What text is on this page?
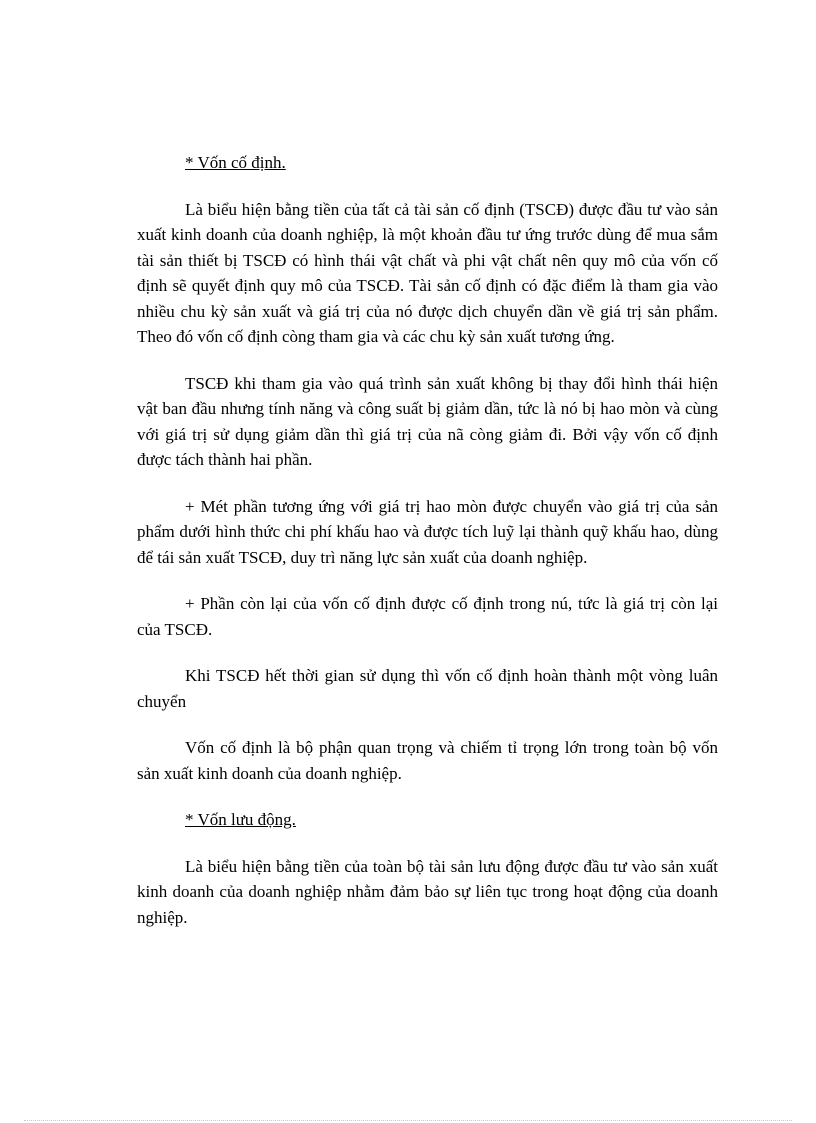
* Vốn cố định.

Là biểu hiện bằng tiền của tất cả tài sản cố định (TSCĐ) được đầu tư vào sản xuất kinh doanh của doanh nghiệp, là một khoản đầu tư ứng trước dùng để mua sắm tài sản thiết bị TSCĐ có hình thái vật chất và phi vật chất nên quy mô của vốn cố định sẽ quyết định quy mô của TSCĐ. Tài sản cố định có đặc điểm là tham gia vào nhiều chu kỳ sản xuất và giá trị của nó được dịch chuyển dần về giá trị sản phẩm. Theo đó vốn cố định còng tham gia và các chu kỳ sản xuất tương ứng.

TSCĐ khi tham gia vào quá trình sản xuất không bị thay đổi hình thái hiện vật ban đầu nhưng tính năng và công suất bị giảm dần, tức là nó bị hao mòn và cùng với giá trị sử dụng giảm dần thì giá trị của nã còng giảm đi. Bởi vậy vốn cố định được tách thành hai phần.

+ Mét phần tương ứng với giá trị hao mòn được chuyển vào giá trị của sản phẩm dưới hình thức chi phí khấu hao và được tích luỹ lại thành quỹ khấu hao, dùng để tái sản xuất TSCĐ, duy trì năng lực sản xuất của doanh nghiệp.

+ Phần còn lại của vốn cố định được cố định trong nú, tức là giá trị còn lại của TSCĐ.

Khi TSCĐ hết thời gian sử dụng thì vốn cố định hoàn thành một vòng luân chuyển

Vốn cố định là bộ phận quan trọng và chiếm tỉ trọng lớn trong toàn bộ vốn sản xuất kinh doanh của doanh nghiệp.

* Vốn lưu động.

Là biểu hiện bằng tiền của toàn bộ tài sản lưu động được đầu tư vào sản xuất kinh doanh của doanh nghiệp nhằm đảm bảo sự liên tục trong hoạt động của doanh nghiệp.
